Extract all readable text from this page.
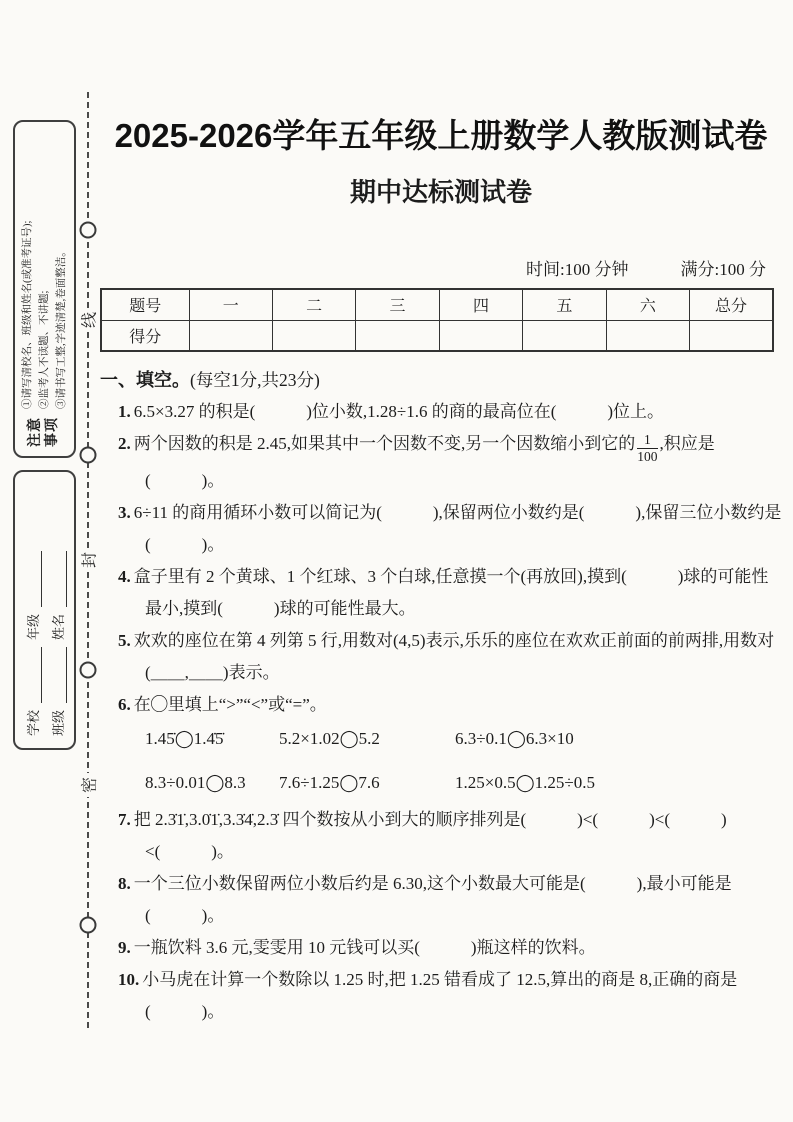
线
封
密
注意 事项
①请写清校名、班级和姓名(或准考证号); ②监考人不读题、不讲题; ③请书写工整,字迹清楚,卷面整洁。
学校
年级
班级
姓名
2025-2026学年五年级上册数学人教版测试卷
期中达标测试卷
时间:100 分钟	满分:100 分
题号	一	二	三	四	五	六	总分
得分							
一、填空。(每空1分,共23分)
1. 6.5×3.27 的积是(　　　)位小数,1.28÷1.6 的商的最高位在(　　　)位上。
2. 两个因数的积是 2.45,如果其中一个因数不变,另一个因数缩小到它的 $\frac{1}{100}$ ,积应是
(　　　)。
3. 6÷11 的商用循环小数可以简记为(　　　),保留两位小数约是(　　　),保留三位小数约是(　　　)。
4. 盒子里有 2 个黄球、1 个红球、3 个白球,任意摸一个(再放回),摸到(　　　)球的可能性最小,摸到(　　　)球的可能性最大。
5. 欢欢的座位在第 4 列第 5 行,用数对(4,5)表示,乐乐的座位在欢欢正前面的前两排,用数对(＿＿,＿＿)表示。
6. 在◯里填上“>”“<”或“=”。
1.45̇◯1.4̇5̇	5.2×1.02◯5.2	6.3÷0.1◯6.3×10
8.3÷0.01◯8.3	7.6÷1.25◯7.6	1.25×0.5◯1.25÷0.5
7. 把 2.3̇1̇,3.0̇1̇,3.3̇4̇,2.3̇ 四个数按从小到大的顺序排列是(　　　)<(　　　)<(　　　)<(　　　)。
8. 一个三位小数保留两位小数后约是 6.30,这个小数最大可能是(　　　),最小可能是(　　　)。
9. 一瓶饮料 3.6 元,雯雯用 10 元钱可以买(　　　)瓶这样的饮料。
10. 小马虎在计算一个数除以 1.25 时,把 1.25 错看成了 12.5,算出的商是 8,正确的商是(　　　)。
